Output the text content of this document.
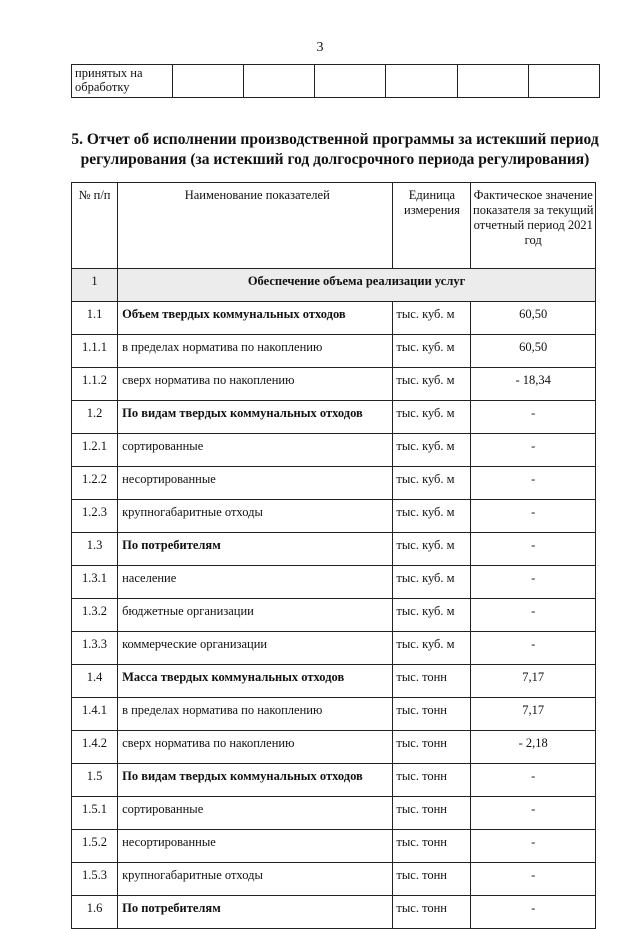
3
принятых на обработку						
5. Отчет об исполнении производственной программы за истекший период регулирования (за истекший год долгосрочного периода регулирования)
№ п/п	Наименование показателей	Единица измерения	Фактическое значение показателя за текущий отчетный период 2021 год
1	Обеспечение объема реализации услуг		
1.1	Объем твердых коммунальных отходов	тыс. куб. м	60,50
1.1.1	в пределах норматива по накоплению	тыс. куб. м	60,50
1.1.2	сверх норматива по накоплению	тыс. куб. м	- 18,34
1.2	По видам твердых коммунальных отходов	тыс. куб. м	-
1.2.1	сортированные	тыс. куб. м	-
1.2.2	несортированные	тыс. куб. м	-
1.2.3	крупногабаритные отходы	тыс. куб. м	-
1.3	По потребителям	тыс. куб. м	-
1.3.1	население	тыс. куб. м	-
1.3.2	бюджетные организации	тыс. куб. м	-
1.3.3	коммерческие организации	тыс. куб. м	-
1.4	Масса твердых коммунальных отходов	тыс. тонн	7,17
1.4.1	в пределах норматива по накоплению	тыс. тонн	7,17
1.4.2	сверх норматива по накоплению	тыс. тонн	- 2,18
1.5	По видам твердых коммунальных отходов	тыс. тонн	-
1.5.1	сортированные	тыс. тонн	-
1.5.2	несортированные	тыс. тонн	-
1.5.3	крупногабаритные отходы	тыс. тонн	-
1.6	По потребителям	тыс. тонн	-
